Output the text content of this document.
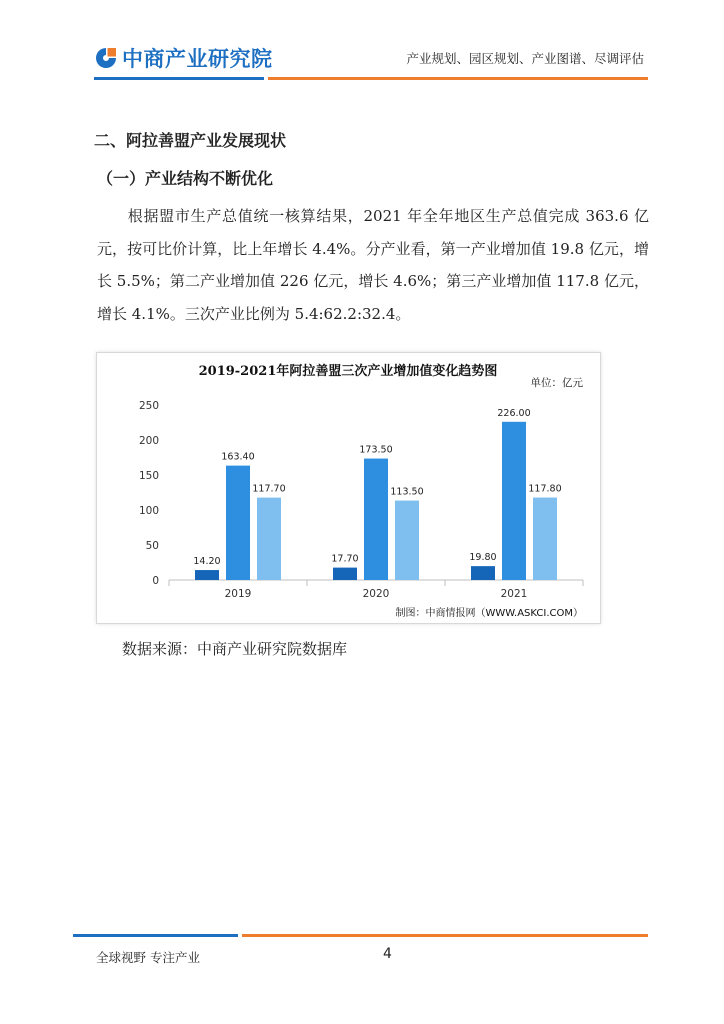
中商产业研究院	产业规划、园区规划、产业图谱、尽调评估
二、阿拉善盟产业发展现状
（一）产业结构不断优化
根据盟市生产总值统一核算结果，2021 年全年地区生产总值完成 363.6 亿元，按可比价计算，比上年增长 4.4%。分产业看，第一产业增加值 19.8 亿元，增长 5.5%；第二产业增加值 226 亿元，增长 4.6%；第三产业增加值 117.8 亿元，增长 4.1%。三次产业比例为 5.4:62.2:32.4。
2019-2021年阿拉善盟三次产业增加值变化趋势图
单位：亿元
制图：中商情报网（WWW.ASKCI.COM）
0
50
100
150
200
250
14.20
163.40
117.70
2019
17.70
173.50
113.50
2020
19.80
226.00
117.80
2021
数据来源：中商产业研究院数据库
全球视野 专注产业	4
